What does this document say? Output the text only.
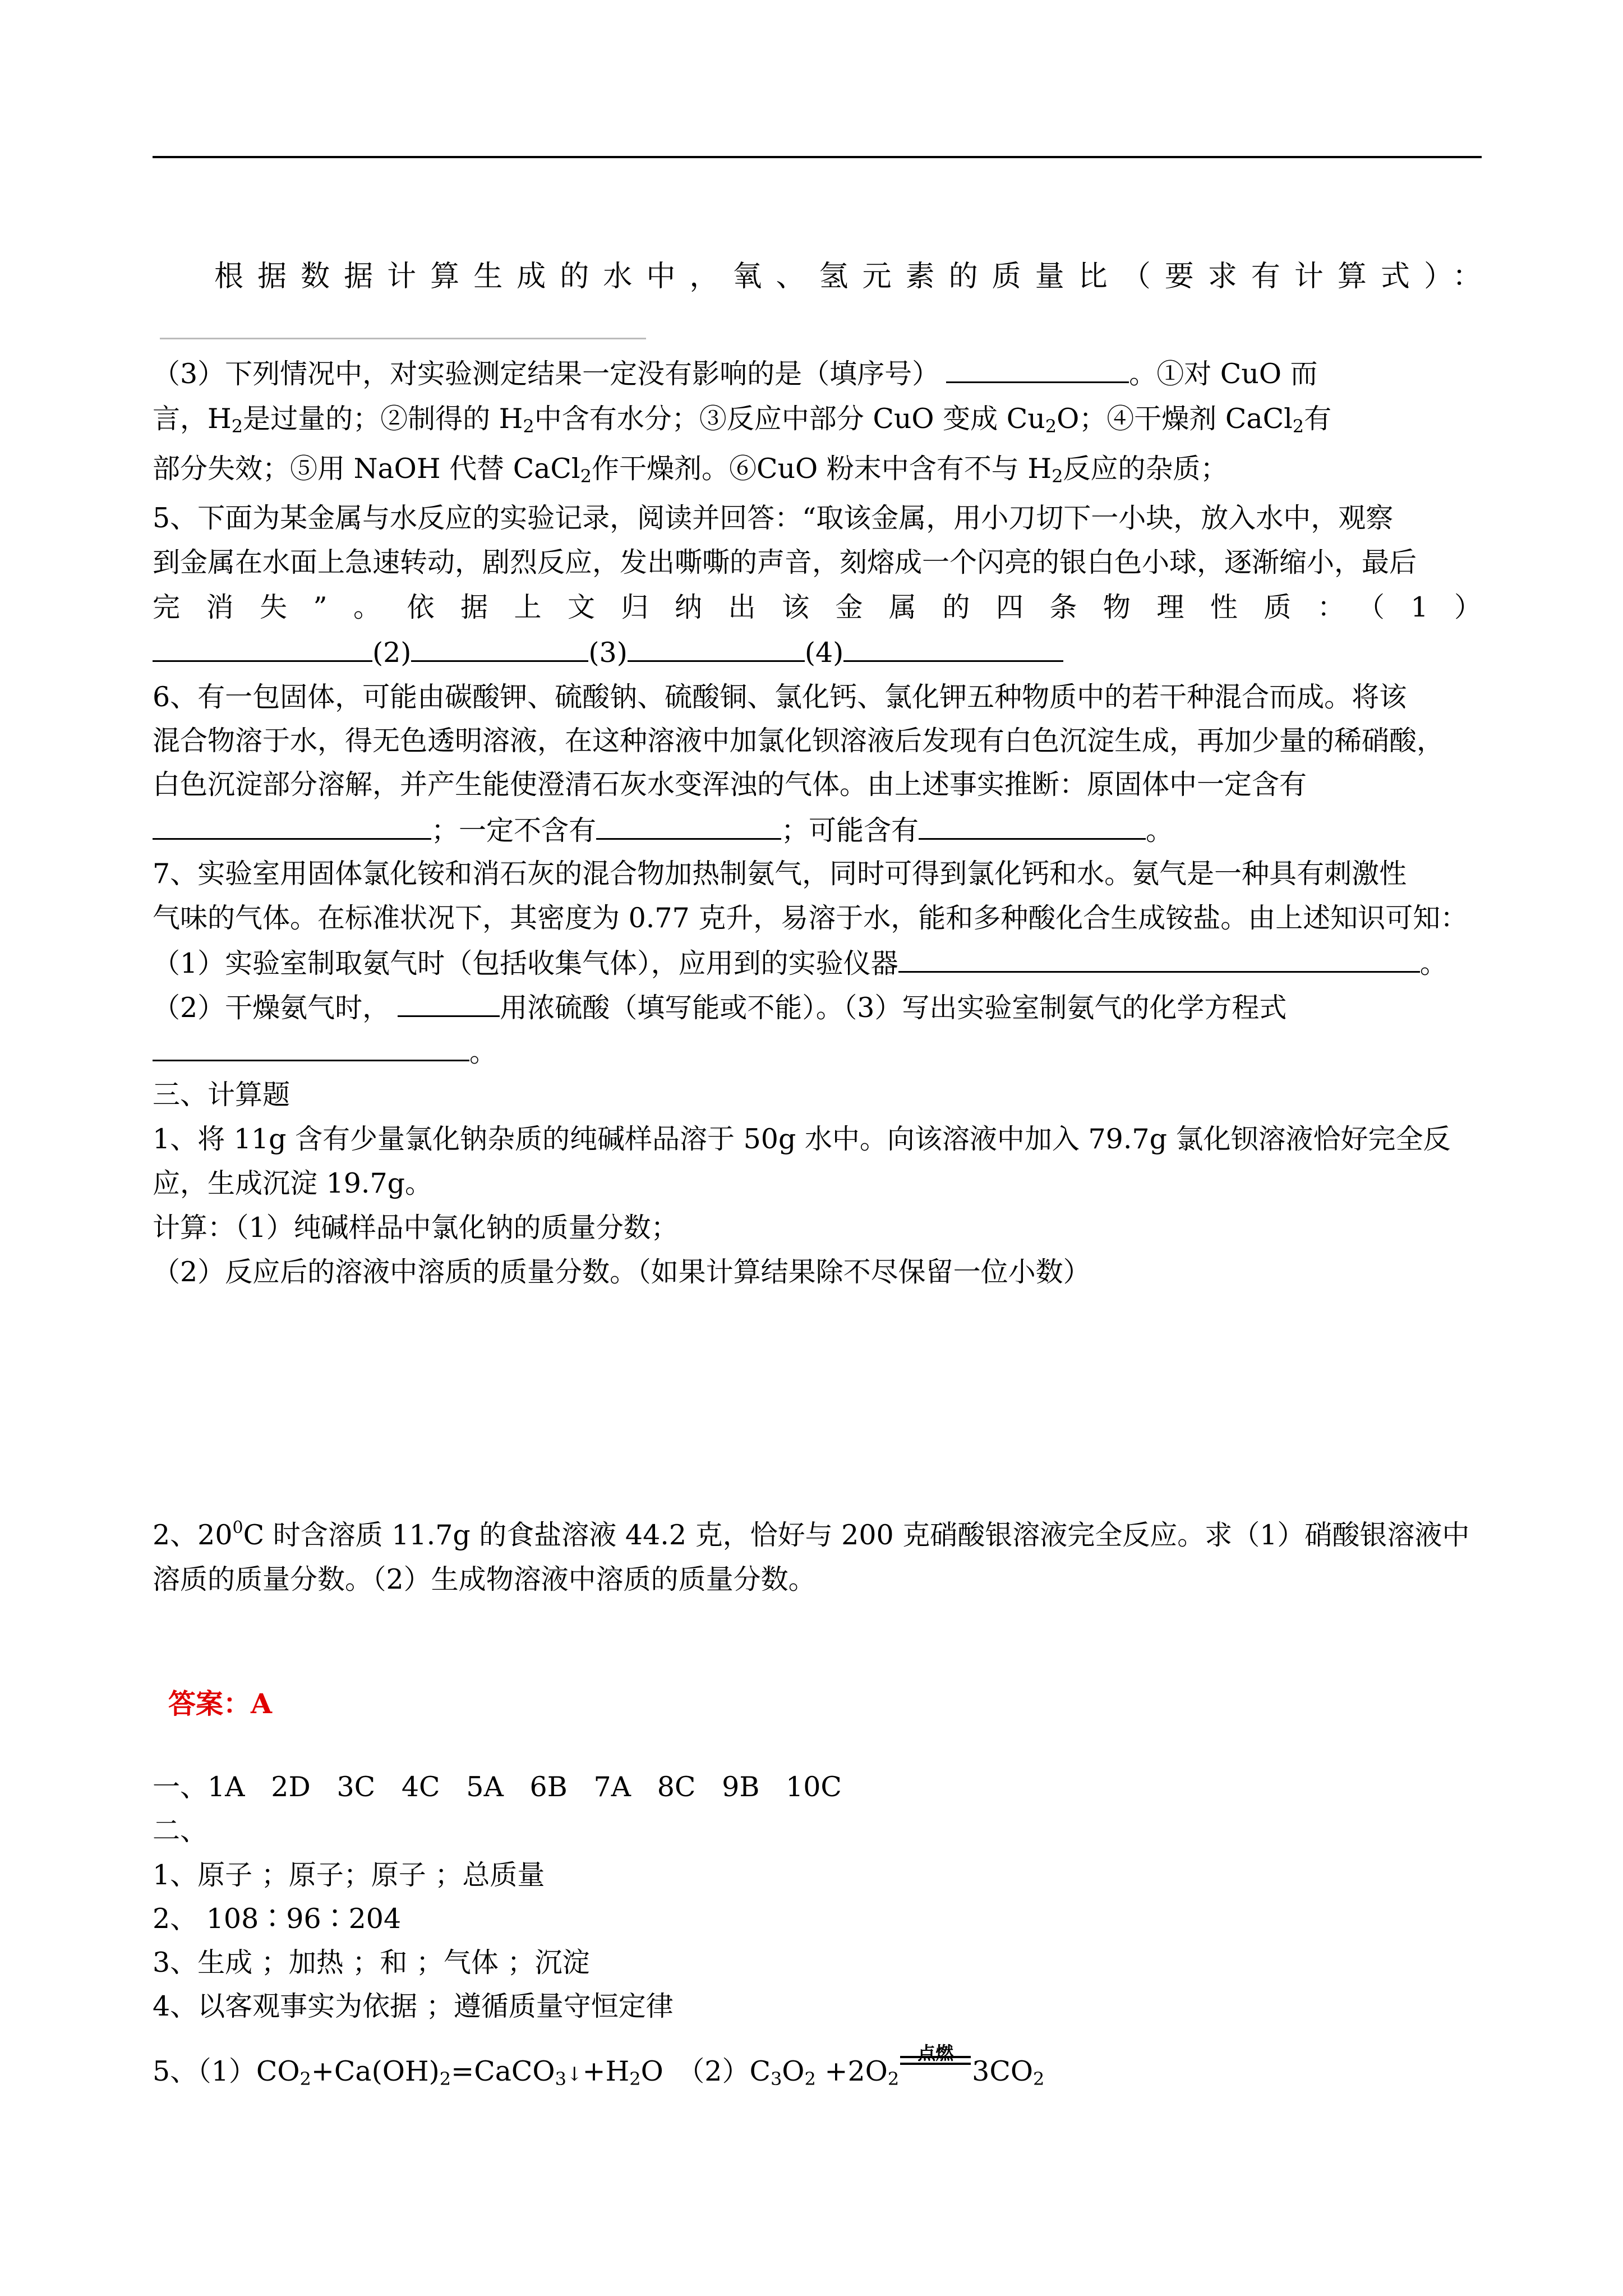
根据数据计算生成的水中，氧、氢元素的质量比（要求有计算式）：
（3）下列情况中，对实验测定结果一定没有影响的是（填序号）	。①对 CuO 而
言，$H_2$是过量的；②制得的 $H_2$中含有水分；③反应中部分 CuO 变成 $Cu_2O$；④干燥剂 CaCl$_2$有
部分失效；⑤用 NaOH 代替 CaCl$_2$作干燥剂。⑥CuO 粉末中含有不与 $H_2$反应的杂质；
5、下面为某金属与水反应的实验记录，阅读并回答：“取该金属，用小刀切下一小块，放入水中，观察
到金属在水面上急速转动，剧烈反应，发出嘶嘶的声音，刻熔成一个闪亮的银白色小球，逐渐缩小，最后
完消失”。依据上文归纳出该金属的四条物理性质：（1）
(2)	(3)	(4)
6、有一包固体，可能由碳酸钾、硫酸钠、硫酸铜、氯化钙、氯化钾五种物质中的若干种混合而成。将该
混合物溶于水，得无色透明溶液，在这种溶液中加氯化钡溶液后发现有白色沉淀生成，再加少量的稀硝酸，
白色沉淀部分溶解，并产生能使澄清石灰水变浑浊的气体。由上述事实推断：原固体中一定含有
；一定不含有	；可能含有	。
7、实验室用固体氯化铵和消石灰的混合物加热制氨气，同时可得到氯化钙和水。氨气是一种具有刺激性
气味的气体。在标准状况下，其密度为 0.77 克升，易溶于水，能和多种酸化合生成铵盐。由上述知识可知：
（1）实验室制取氨气时（包括收集气体），应用到的实验仪器	。
（2）干燥氨气时，	用浓硫酸（填写能或不能）。（3）写出实验室制氨气的化学方程式
。
三、计算题
1、将 11g 含有少量氯化钠杂质的纯碱样品溶于 50g 水中。向该溶液中加入 79.7g 氯化钡溶液恰好完全反
应，生成沉淀 19.7g。
计算：（1）纯碱样品中氯化钠的质量分数；
（2）反应后的溶液中溶质的质量分数。（如果计算结果除不尽保留一位小数）
2、$20^0C$ 时含溶质 11.7g 的食盐溶液 44.2 克，恰好与 200 克硝酸银溶液完全反应。求（1）硝酸银溶液中
溶质的质量分数。（2）生成物溶液中溶质的质量分数。
答案：A
一、1A   2D   3C   4C   5A   6B   7A   8C   9B   10C
二、
1、原子 ；原子；原子 ；总质量
2、 108∶96∶204
3、生成 ；加热 ；和 ；气体 ；沉淀
4、以客观事实为依据 ；遵循质量守恒定律
5、$(1)CO_2+Ca(OH)_2=CaCO_3↓+H_2O$　$(2)C_3O_2 +2O_2$
点燃
$3CO_2$
